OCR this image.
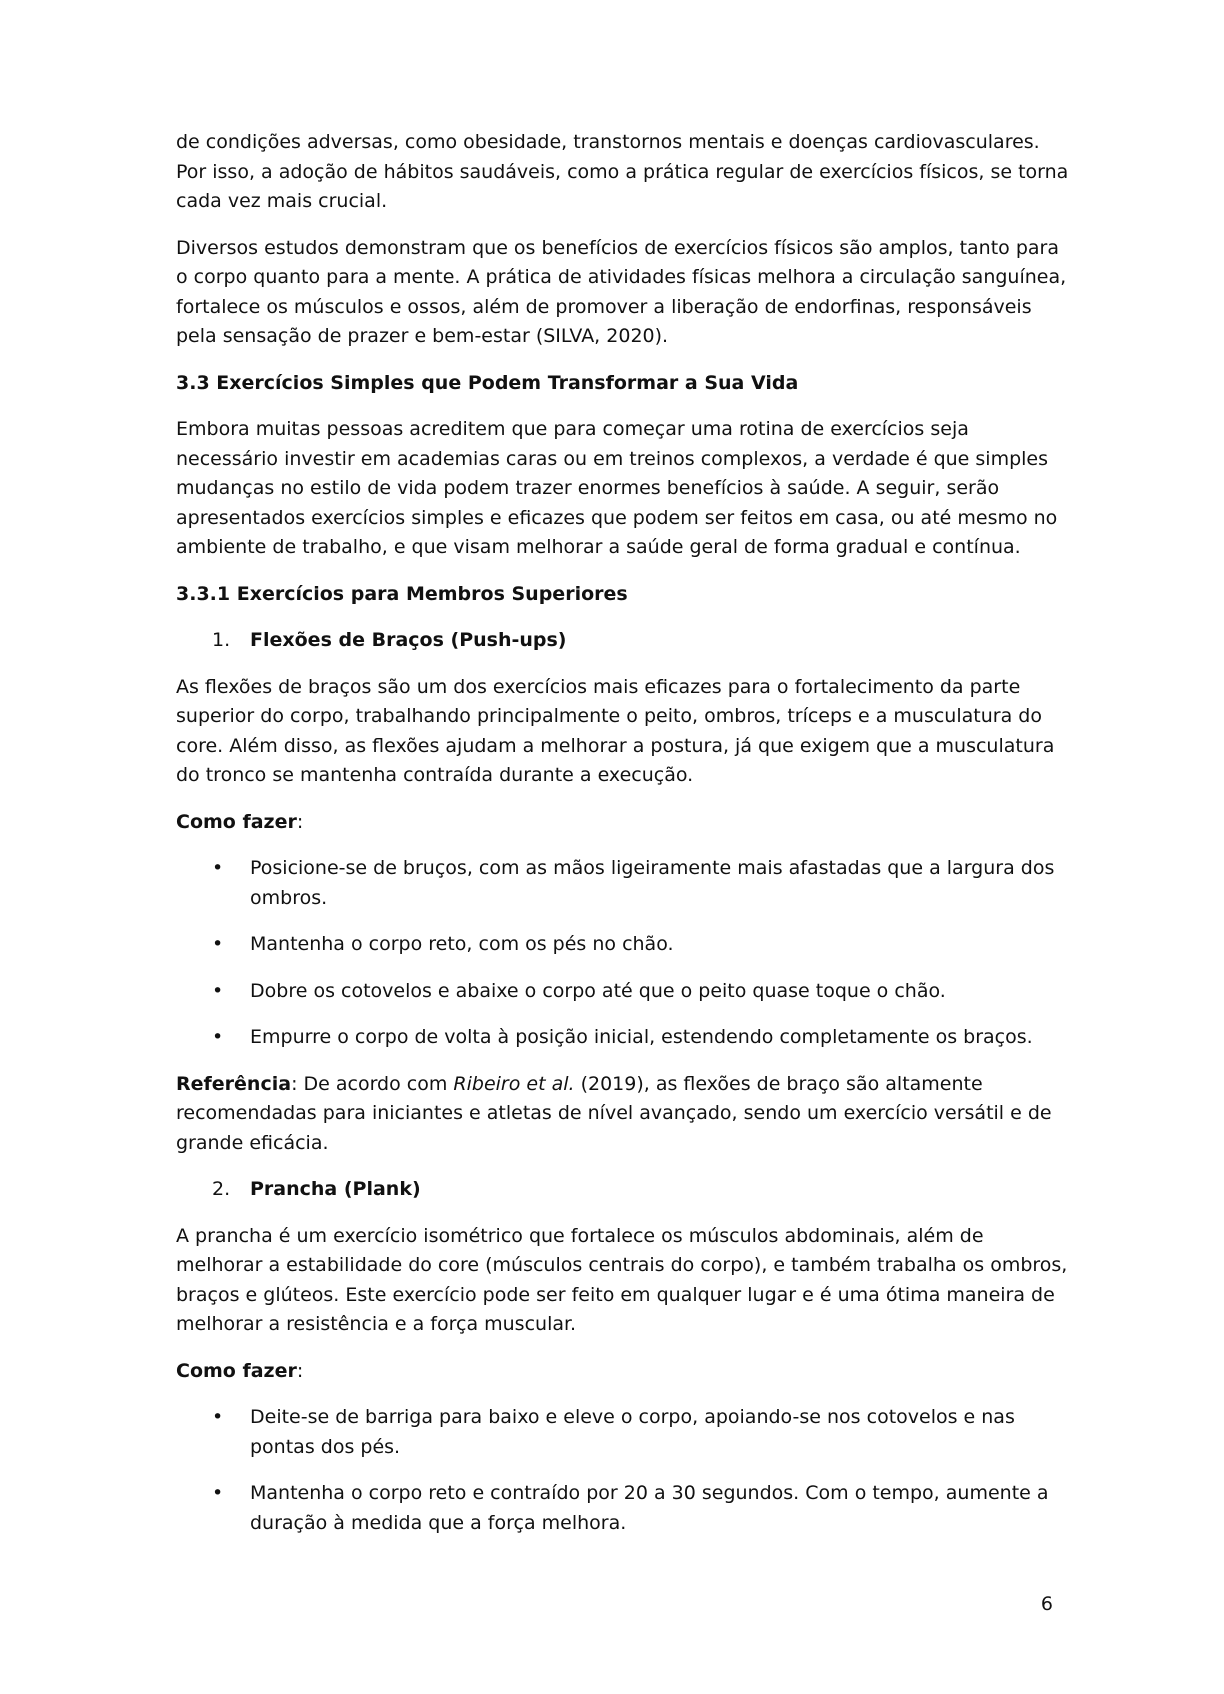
de condições adversas, como obesidade, transtornos mentais e doenças cardiovasculares. Por isso, a adoção de hábitos saudáveis, como a prática regular de exercícios físicos, se torna cada vez mais crucial.

Diversos estudos demonstram que os benefícios de exercícios físicos são amplos, tanto para o corpo quanto para a mente. A prática de atividades físicas melhora a circulação sanguínea, fortalece os músculos e ossos, além de promover a liberação de endorfinas, responsáveis pela sensação de prazer e bem-estar (SILVA, 2020).

3.3 Exercícios Simples que Podem Transformar a Sua Vida

Embora muitas pessoas acreditem que para começar uma rotina de exercícios seja necessário investir em academias caras ou em treinos complexos, a verdade é que simples mudanças no estilo de vida podem trazer enormes benefícios à saúde. A seguir, serão apresentados exercícios simples e eficazes que podem ser feitos em casa, ou até mesmo no ambiente de trabalho, e que visam melhorar a saúde geral de forma gradual e contínua.

3.3.1 Exercícios para Membros Superiores
1. Flexões de Braços (Push-ups)

As flexões de braços são um dos exercícios mais eficazes para o fortalecimento da parte superior do corpo, trabalhando principalmente o peito, ombros, tríceps e a musculatura do core. Além disso, as flexões ajudam a melhorar a postura, já que exigem que a musculatura do tronco se mantenha contraída durante a execução.

Como fazer:

• Posicione-se de bruços, com as mãos ligeiramente mais afastadas que a largura dos ombros.
• Mantenha o corpo reto, com os pés no chão.
• Dobre os cotovelos e abaixe o corpo até que o peito quase toque o chão.
• Empurre o corpo de volta à posição inicial, estendendo completamente os braços.

Referência: De acordo com Ribeiro et al. (2019), as flexões de braço são altamente recomendadas para iniciantes e atletas de nível avançado, sendo um exercício versátil e de grande eficácia.

2. Prancha (Plank)

A prancha é um exercício isométrico que fortalece os músculos abdominais, além de melhorar a estabilidade do core (músculos centrais do corpo), e também trabalha os ombros, braços e glúteos. Este exercício pode ser feito em qualquer lugar e é uma ótima maneira de melhorar a resistência e a força muscular.

Como fazer:

• Deite-se de barriga para baixo e eleve o corpo, apoiando-se nos cotovelos e nas pontas dos pés.
• Mantenha o corpo reto e contraído por 20 a 30 segundos. Com o tempo, aumente a duração à medida que a força melhora.
6
